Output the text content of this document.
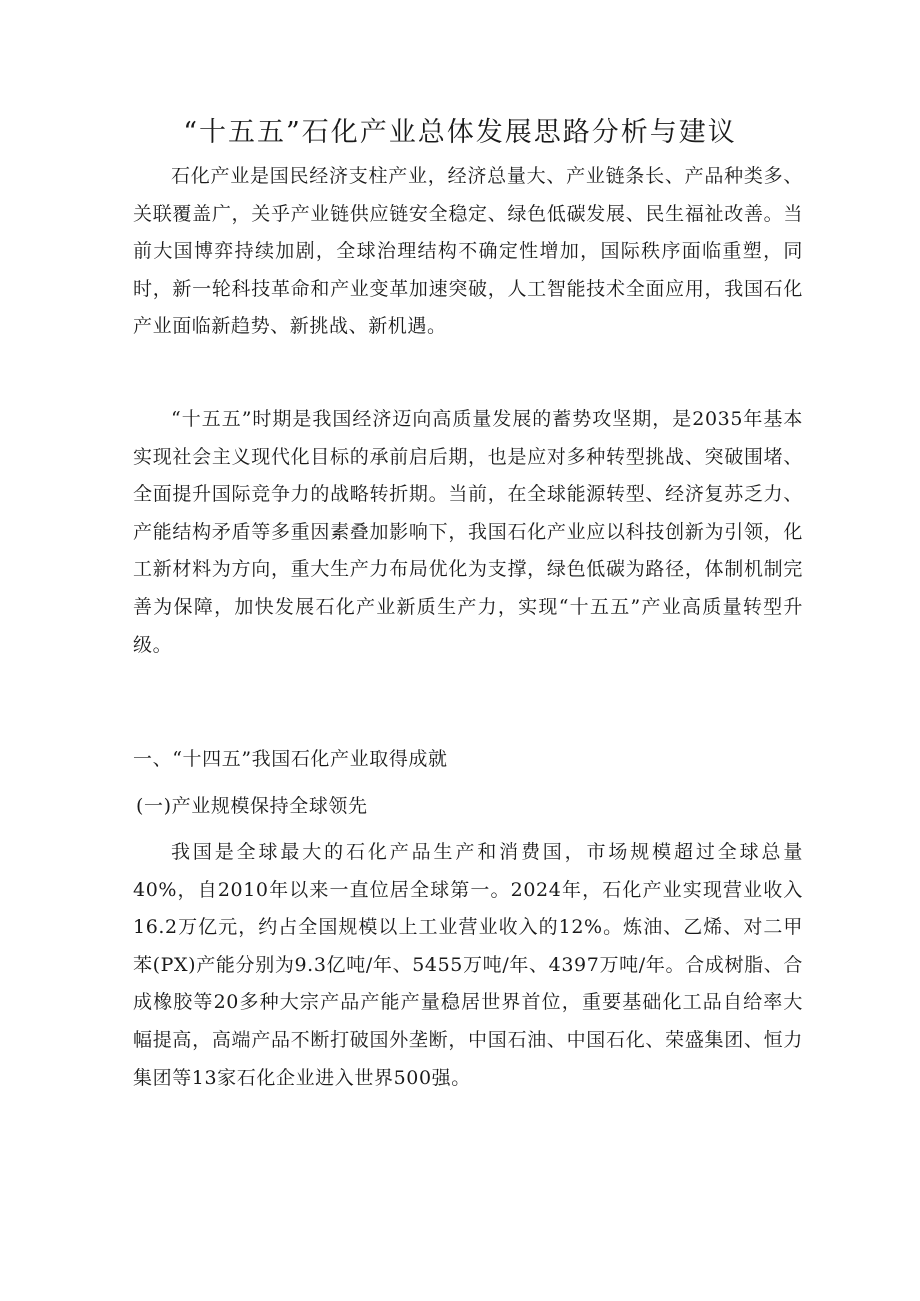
“十五五”石化产业总体发展思路分析与建议
石化产业是国民经济支柱产业，经济总量大、产业链条长、产品种类多、关联覆盖广，关乎产业链供应链安全稳定、绿色低碳发展、民生福祉改善。当前大国博弈持续加剧，全球治理结构不确定性增加，国际秩序面临重塑，同时，新一轮科技革命和产业变革加速突破，人工智能技术全面应用，我国石化产业面临新趋势、新挑战、新机遇。
“十五五”时期是我国经济迈向高质量发展的蓄势攻坚期，是2035年基本实现社会主义现代化目标的承前启后期，也是应对多种转型挑战、突破围堵、全面提升国际竞争力的战略转折期。当前，在全球能源转型、经济复苏乏力、产能结构矛盾等多重因素叠加影响下，我国石化产业应以科技创新为引领，化工新材料为方向，重大生产力布局优化为支撑，绿色低碳为路径，体制机制完善为保障，加快发展石化产业新质生产力，实现“十五五”产业高质量转型升级。
一、“十四五”我国石化产业取得成就
(一)产业规模保持全球领先
我国是全球最大的石化产品生产和消费国，市场规模超过全球总量40%，自2010年以来一直位居全球第一。2024年，石化产业实现营业收入16.2万亿元，约占全国规模以上工业营业收入的12%。炼油、乙烯、对二甲苯(PX)产能分别为9.3亿吨/年、5455万吨/年、4397万吨/年。合成树脂、合成橡胶等20多种大宗产品产能产量稳居世界首位，重要基础化工品自给率大幅提高，高端产品不断打破国外垄断，中国石油、中国石化、荣盛集团、恒力集团等13家石化企业进入世界500强。
